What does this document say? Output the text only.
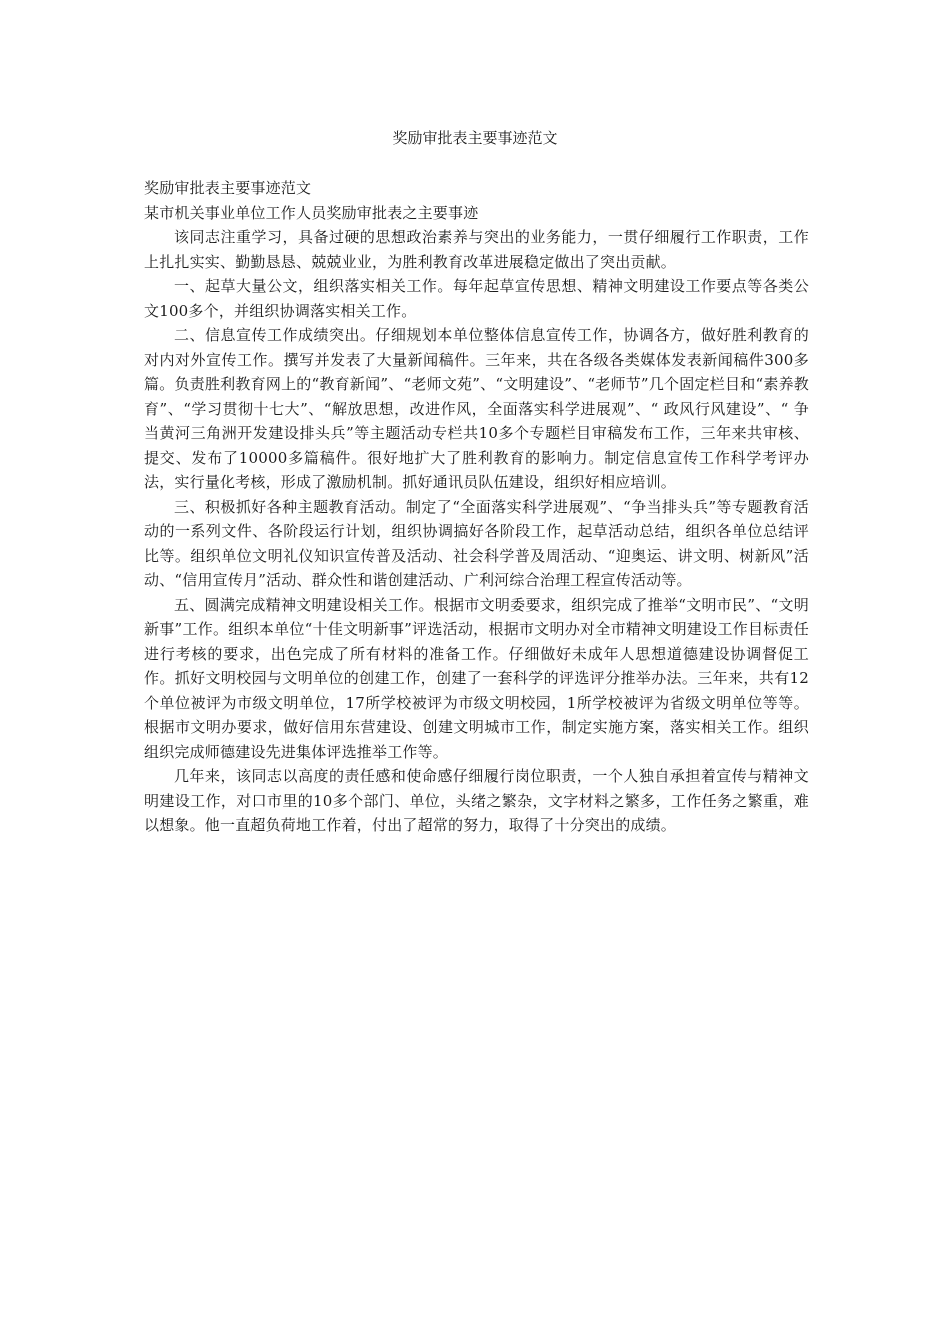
奖励审批表主要事迹范文

奖励审批表主要事迹范文

某市机关事业单位工作人员奖励审批表之主要事迹

该同志注重学习，具备过硬的思想政治素养与突出的业务能力，一贯仔细履行工作职责，工作上扎扎实实、勤勤恳恳、兢兢业业，为胜利教育改革进展稳定做出了突出贡献。

一、起草大量公文，组织落实相关工作。每年起草宣传思想、精神文明建设工作要点等各类公文100多个，并组织协调落实相关工作。

二、信息宣传工作成绩突出。仔细规划本单位整体信息宣传工作，协调各方，做好胜利教育的对内对外宣传工作。撰写并发表了大量新闻稿件。三年来，共在各级各类媒体发表新闻稿件300多篇。负责胜利教育网上的“教育新闻”、“老师文苑”、“文明建设”、“老师节”几个固定栏目和“素养教育”、“学习贯彻十七大”、“解放思想，改进作风，全面落实科学进展观”、“ 政风行风建设”、“ 争当黄河三角洲开发建设排头兵”等主题活动专栏共10多个专题栏目审稿发布工作，三年来共审核、提交、发布了10000多篇稿件。很好地扩大了胜利教育的影响力。制定信息宣传工作科学考评办法，实行量化考核，形成了激励机制。抓好通讯员队伍建设，组织好相应培训。

三、积极抓好各种主题教育活动。制定了“全面落实科学进展观”、“争当排头兵”等专题教育活动的一系列文件、各阶段运行计划，组织协调搞好各阶段工作，起草活动总结，组织各单位总结评比等。组织单位文明礼仪知识宣传普及活动、社会科学普及周活动、“迎奥运、讲文明、树新风”活动、“信用宣传月”活动、群众性和谐创建活动、广利河综合治理工程宣传活动等。

五、圆满完成精神文明建设相关工作。根据市文明委要求，组织完成了推举“文明市民”、“文明新事”工作。组织本单位“十佳文明新事”评选活动，根据市文明办对全市精神文明建设工作目标责任进行考核的要求，出色完成了所有材料的准备工作。仔细做好未成年人思想道德建设协调督促工作。抓好文明校园与文明单位的创建工作，创建了一套科学的评选评分推举办法。三年来，共有12个单位被评为市级文明单位，17所学校被评为市级文明校园，1所学校被评为省级文明单位等等。根据市文明办要求，做好信用东营建设、创建文明城市工作，制定实施方案，落实相关工作。组织组织完成师德建设先进集体评选推举工作等。

几年来，该同志以高度的责任感和使命感仔细履行岗位职责，一个人独自承担着宣传与精神文明建设工作，对口市里的10多个部门、单位，头绪之繁杂，文字材料之繁多，工作任务之繁重，难以想象。他一直超负荷地工作着，付出了超常的努力，取得了十分突出的成绩。
